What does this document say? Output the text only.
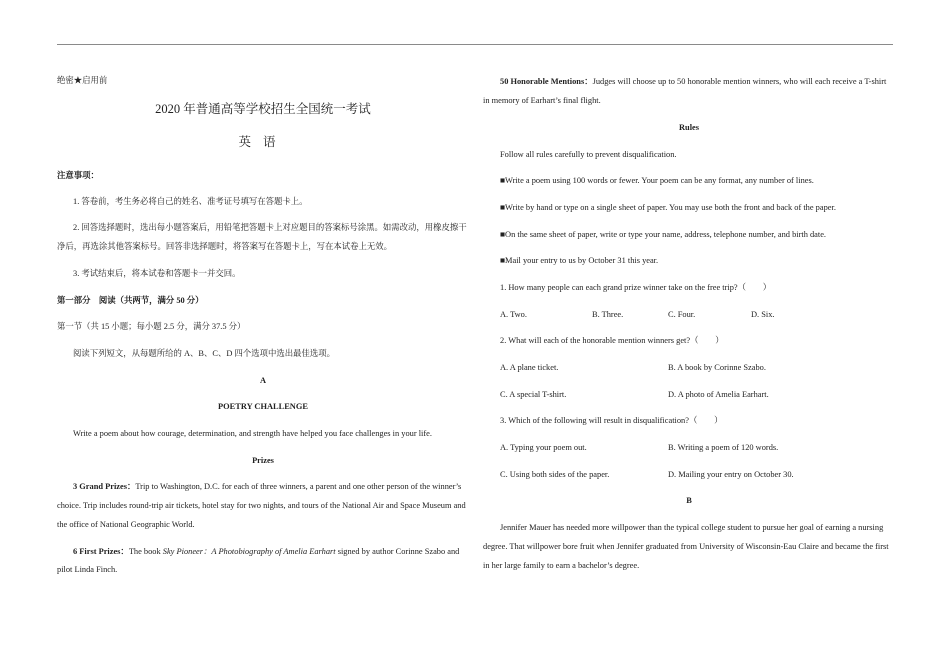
绝密★启用前
2020 年普通高等学校招生全国统一考试
英语
注意事项：
1. 答卷前，考生务必将自己的姓名、准考证号填写在答题卡上。
2. 回答选择题时，选出每小题答案后，用铅笔把答题卡上对应题目的答案标号涂黑。如需改动，用橡皮擦干
净后，再选涂其他答案标号。回答非选择题时，将答案写在答题卡上，写在本试卷上无效。
3. 考试结束后，将本试卷和答题卡一并交回。
第一部分　阅读（共两节，满分 50 分）
第一节（共 15 小题；每小题 2.5 分，满分 37.5 分）
阅读下列短文，从每题所给的 A、B、C、D 四个选项中选出最佳选项。
A
POETRY CHALLENGE
Write a poem about how courage, determination, and strength have helped you face challenges in your life.
Prizes
3 Grand Prizes：Trip to Washington, D.C. for each of three winners, a parent and one other person of the winner’s
choice. Trip includes round-trip air tickets, hotel stay for two nights, and tours of the National Air and Space Museum and
the office of National Geographic World.
6 First Prizes：The book Sky Pioneer：A Photobiography of Amelia Earhart signed by author Corinne Szabo and
pilot Linda Finch.
50 Honorable Mentions：Judges will choose up to 50 honorable mention winners, who will each receive a T-shirt
in memory of Earhart’s final flight.
Rules
Follow all rules carefully to prevent disqualification.
■Write a poem using 100 words or fewer. Your poem can be any format, any number of lines.
■Write by hand or type on a single sheet of paper. You may use both the front and back of the paper.
■On the same sheet of paper, write or type your name, address, telephone number, and birth date.
■Mail your entry to us by October 31 this year.
1. How many people can each grand prize winner take on the free trip?（　　）
A. Two.	B. Three.	C. Four.	D. Six.
2. What will each of the honorable mention winners get?（　　）
A. A plane ticket.	B. A book by Corinne Szabo.
C. A special T-shirt.	D. A photo of Amelia Earhart.
3. Which of the following will result in disqualification?（　　）
A. Typing your poem out.	B. Writing a poem of 120 words.
C. Using both sides of the paper.	D. Mailing your entry on October 30.
B
Jennifer Mauer has needed more willpower than the typical college student to pursue her goal of earning a nursing
degree. That willpower bore fruit when Jennifer graduated from University of Wisconsin-Eau Claire and became the first
in her large family to earn a bachelor’s degree.
